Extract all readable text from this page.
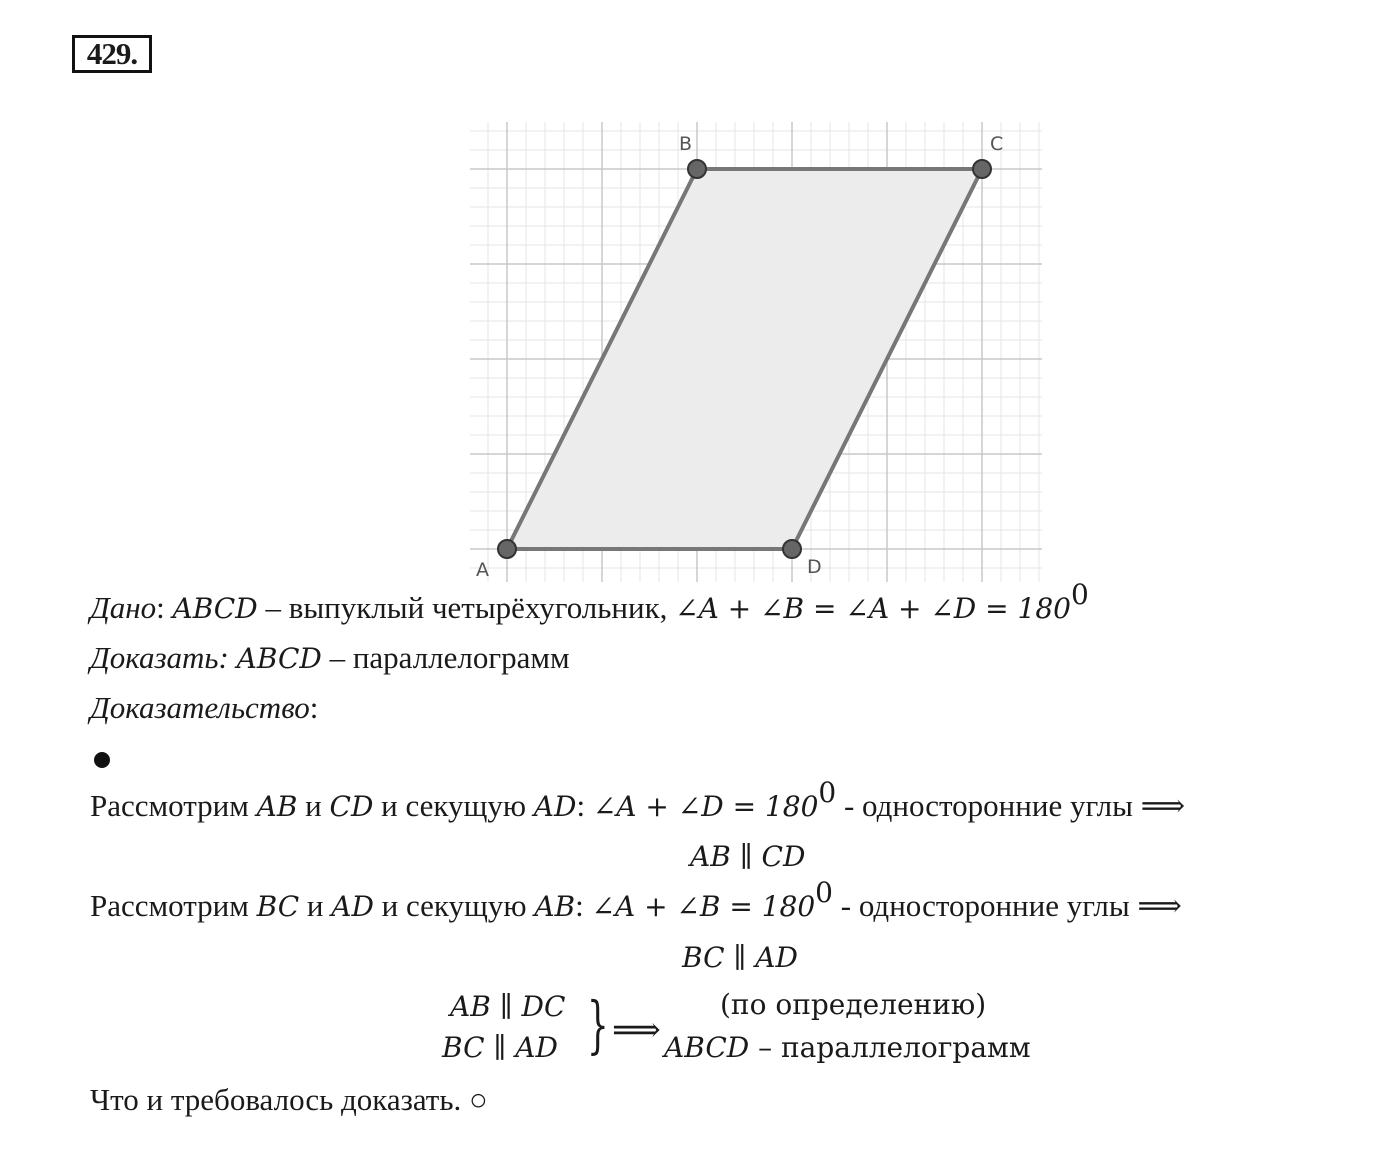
429.
A
B	C
D
Дано: ABCD – выпуклый четырёхугольник, ∠A + ∠B = ∠A + ∠D = $180^0$
Доказать: ABCD – параллелограмм
Доказательство:
Рассмотрим AB и CD и секущую AD: ∠A + ∠D = $180^0$ - односторонние углы ⟹
AB ∥ CD
Рассмотрим BC и AD и секущую AB: ∠A + ∠B = $180^0$ - односторонние углы ⟹
BC ∥ AD
AB ∥ DC
BC ∥ AD } ⟹
(по определению)
ABCD – параллелограмм
Что и требовалось доказать. ○
